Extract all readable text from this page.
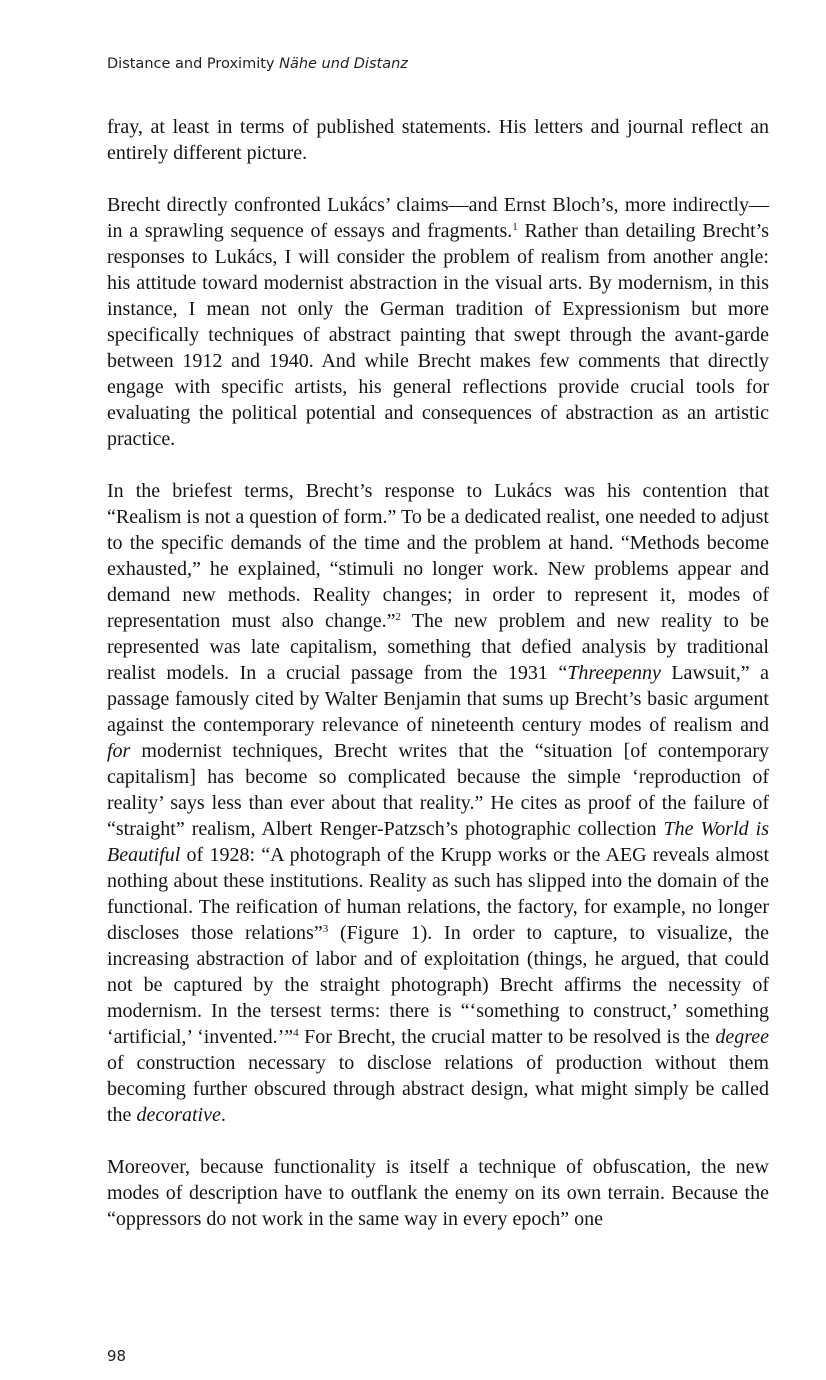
Distance and Proximity Nähe und Distanz

fray, at least in terms of published statements. His letters and journal reflect an entirely different picture.

Brecht directly confronted Lukács’ claims—and Ernst Bloch’s, more indirectly—in a sprawling sequence of essays and fragments.$^1$ Rather than detailing Brecht’s responses to Lukács, I will consider the problem of realism from another angle: his attitude toward modernist abstraction in the visual arts. By modernism, in this instance, I mean not only the German tradition of Expressionism but more specifically techniques of abstract painting that swept through the avant-garde between 1912 and 1940. And while Brecht makes few comments that directly engage with specific artists, his general reflections provide crucial tools for evaluating the political potential and consequences of abstraction as an artistic practice.

In the briefest terms, Brecht’s response to Lukács was his contention that “Realism is not a question of form.” To be a dedicated realist, one needed to adjust to the specific demands of the time and the problem at hand. “Methods become exhausted,” he explained, “stimuli no longer work. New problems appear and demand new methods. Reality changes; in order to represent it, modes of representation must also change.”$^2$ The new problem and new reality to be represented was late capitalism, something that defied analysis by traditional realist models. In a crucial passage from the 1931 “Threepenny Lawsuit,” a passage famously cited by Walter Benjamin that sums up Brecht’s basic argument against the contemporary relevance of nineteenth century modes of realism and for modernist techniques, Brecht writes that the “situation [of contemporary capitalism] has become so complicated because the simple ‘reproduction of reality’ says less than ever about that reality.” He cites as proof of the failure of “straight” realism, Albert Renger-Patzsch’s photographic collection The World is Beautiful of 1928: “A photograph of the Krupp works or the AEG reveals almost nothing about these institutions. Reality as such has slipped into the domain of the functional. The reification of human relations, the factory, for example, no longer discloses those relations”$^3$ (Figure 1). In order to capture, to visualize, the increasing abstraction of labor and of exploitation (things, he argued, that could not be captured by the straight photograph) Brecht affirms the necessity of modernism. In the tersest terms: there is “‘something to construct,’ something ‘artificial,’ ‘invented.’”$^4$ For Brecht, the crucial matter to be resolved is the degree of construction necessary to disclose relations of production without them becoming further obscured through abstract design, what might simply be called the decorative.

Moreover, because functionality is itself a technique of obfuscation, the new modes of description have to outflank the enemy on its own terrain. Because the “oppressors do not work in the same way in every epoch” one

98
